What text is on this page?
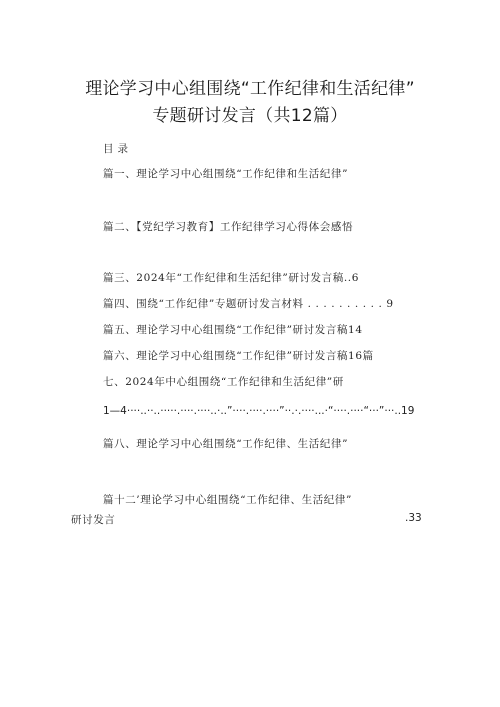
理论学习中心组围绕“工作纪律和生活纪律”
专题研讨发言（共12篇）
目录
篇一、理论学习中心组围绕“工作纪律和生活纪律”
篇二、【党纪学习教育】工作纪律学习心得体会感悟
篇三、2024年“工作纪律和生活纪律”研讨发言稿..6
篇四、围绕“工作纪律”专题研讨发言材料 . . . . . . . . . . 9
篇五、理论学习中心组围绕“工作纪律”研讨发言稿14
篇六、理论学习中心组围绕“工作纪律”研讨发言稿16篇
七、2024年中心组围绕“工作纪律和生活纪律”研
1—4····..··..·····.····.····..·..”····.····.····”··.·.····...·“····.····“···”···..19
篇八、理论学习中心组围绕“工作纪律、生活纪律”
篇十二’理论学习中心组围绕“工作纪律、生活纪律”
研讨发言	.33
